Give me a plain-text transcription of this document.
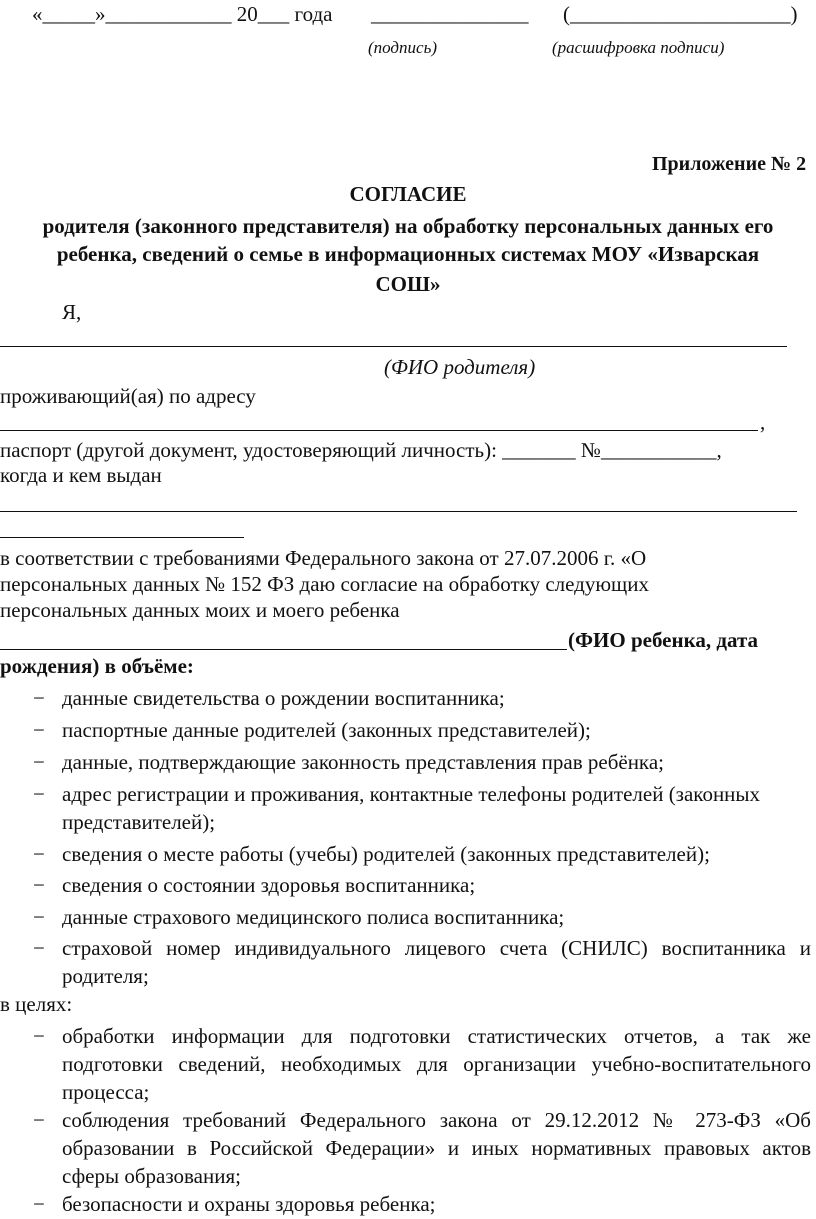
«_____»____________ 20___ года _______________ (_____________________)
(подпись)	(расшифровка подписи)
Приложение № 2
СОГЛАСИЕ
родителя (законного представителя) на обработку персональных данных его
ребенка, сведений о семье в информационных системах МОУ «Изварская
СОШ»
Я,
(ФИО родителя)
проживающий(ая) по адресу
,
паспорт (другой документ, удостоверяющий личность): _______ №___________,
когда и кем выдан
в соответствии с требованиями Федерального закона от 27.07.2006 г. «О
персональных данных № 152 ФЗ даю согласие на обработку следующих
персональных данных моих и моего ребенка
(ФИО ребенка, дата
рождения) в объёме:
− данные свидетельства о рождении воспитанника;
− паспортные данные родителей (законных представителей);
− данные, подтверждающие законность представления прав ребёнка;
− адрес регистрации и проживания, контактные телефоны родителей (законных представителей);
− сведения о месте работы (учебы) родителей (законных представителей);
− сведения о состоянии здоровья воспитанника;
− данные страхового медицинского полиса воспитанника;
− страховой номер индивидуального лицевого счета (СНИЛС) воспитанника и родителя;
в целях:
− обработки информации для подготовки статистических отчетов, а так же подготовки сведений, необходимых для организации учебно-воспитательного процесса;
− соблюдения требований Федерального закона от 29.12.2012 № 273-ФЗ «Об образовании в Российской Федерации» и иных нормативных правовых актов сферы образования;
− безопасности и охраны здоровья ребенка;
